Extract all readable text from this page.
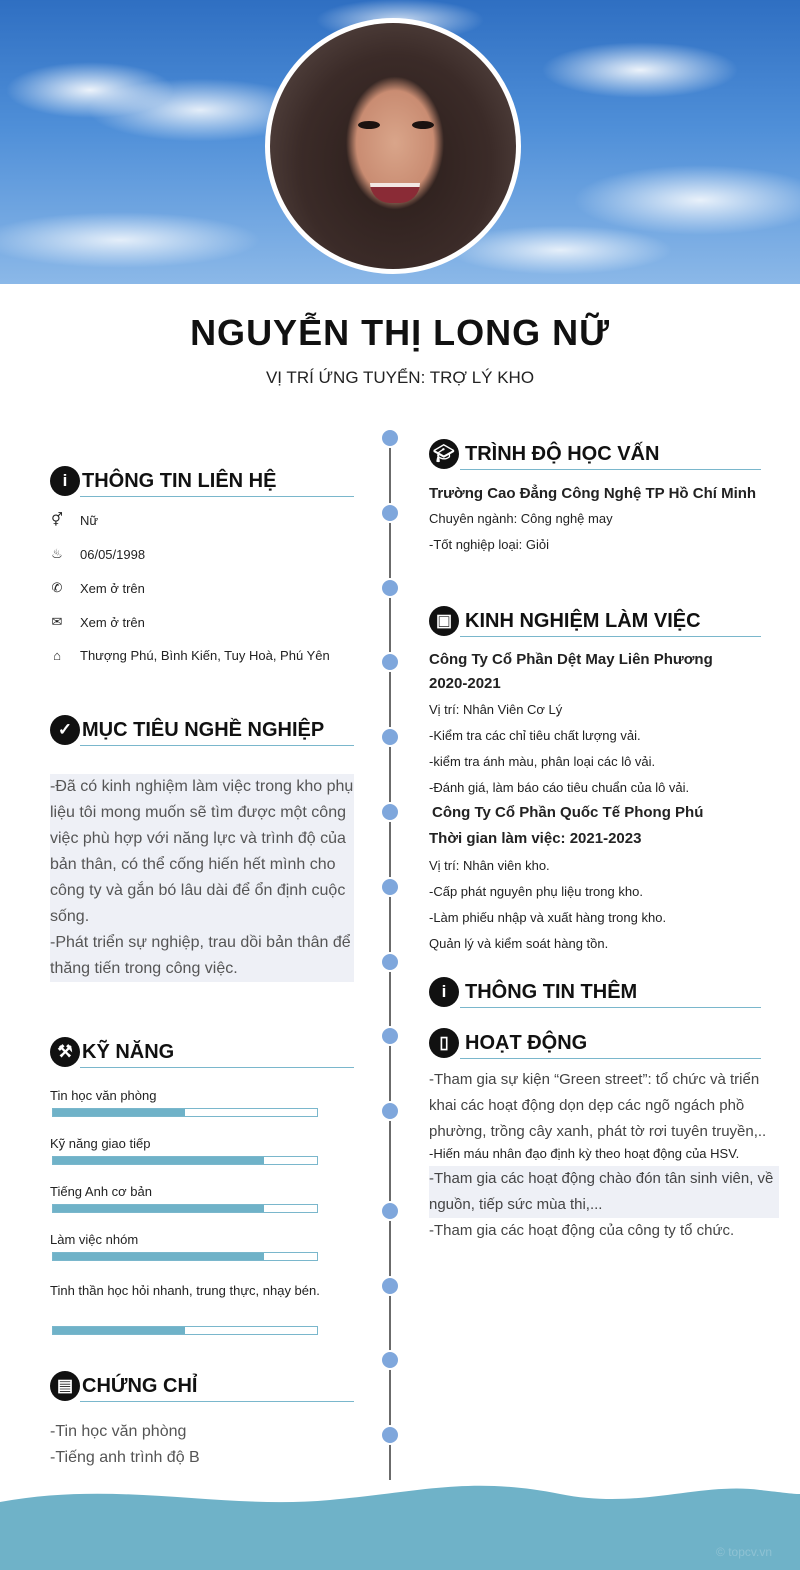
NGUYỄN THỊ LONG NỮ
VỊ TRÍ ỨNG TUYỂN: TRỢ LÝ KHO
i THÔNG TIN LIÊN HỆ
⚥ Nữ
♨ 06/05/1998
✆ Xem ở trên
✉ Xem ở trên
⌂ Thượng Phú, Bình Kiến, Tuy Hoà, Phú Yên
✓ MỤC TIÊU NGHỀ NGHIỆP
-Đã có kinh nghiệm làm việc trong kho phụ liệu tôi mong muốn sẽ tìm được một công việc phù hợp với năng lực và trình độ của bản thân, có thể cống hiến hết mình cho công ty và gắn bó lâu dài để ổn định cuộc sống.
-Phát triển sự nghiệp, trau dồi bản thân để thăng tiến trong công việc.
⚒ KỸ NĂNG
Tin học văn phòng
Kỹ năng giao tiếp
Tiếng Anh cơ bản
Làm việc nhóm
Tinh thần học hỏi nhanh, trung thực, nhạy bén.
▤ CHỨNG CHỈ
-Tin học văn phòng
-Tiếng anh trình độ B
🎓︎ TRÌNH ĐỘ HỌC VẤN
Trường Cao Đẳng Công Nghệ TP Hồ Chí Minh
Chuyên ngành: Công nghệ may
-Tốt nghiệp loại: Giỏi
▣ KINH NGHIỆM LÀM VIỆC
Công Ty Cổ Phần Dệt May Liên Phương
2020-2021
Vị trí: Nhân Viên Cơ Lý
-Kiểm tra các chỉ tiêu chất lượng vải.
-kiểm tra ánh màu, phân loại các lô vải.
-Đánh giá, làm báo cáo tiêu chuẩn của lô vải.
Công Ty Cổ Phần Quốc Tế Phong Phú
Thời gian làm việc: 2021-2023
Vị trí: Nhân viên kho.
-Cấp phát nguyên phụ liệu trong kho.
-Làm phiếu nhập và xuất hàng trong kho.
Quản lý và kiểm soát hàng tồn.
i THÔNG TIN THÊM
▯ HOẠT ĐỘNG
-Tham gia sự kiện “Green street”: tổ chức và triển khai các hoạt động dọn dẹp các ngõ ngách phồ phường, trồng cây xanh, phát tờ rơi tuyên truyền,..
-Hiến máu nhân đạo định kỳ theo hoạt động của HSV.
-Tham gia các hoạt động chào đón tân sinh viên, về nguồn, tiếp sức mùa thi,...
-Tham gia các hoạt động của công ty tổ chức.
© topcv.vn
